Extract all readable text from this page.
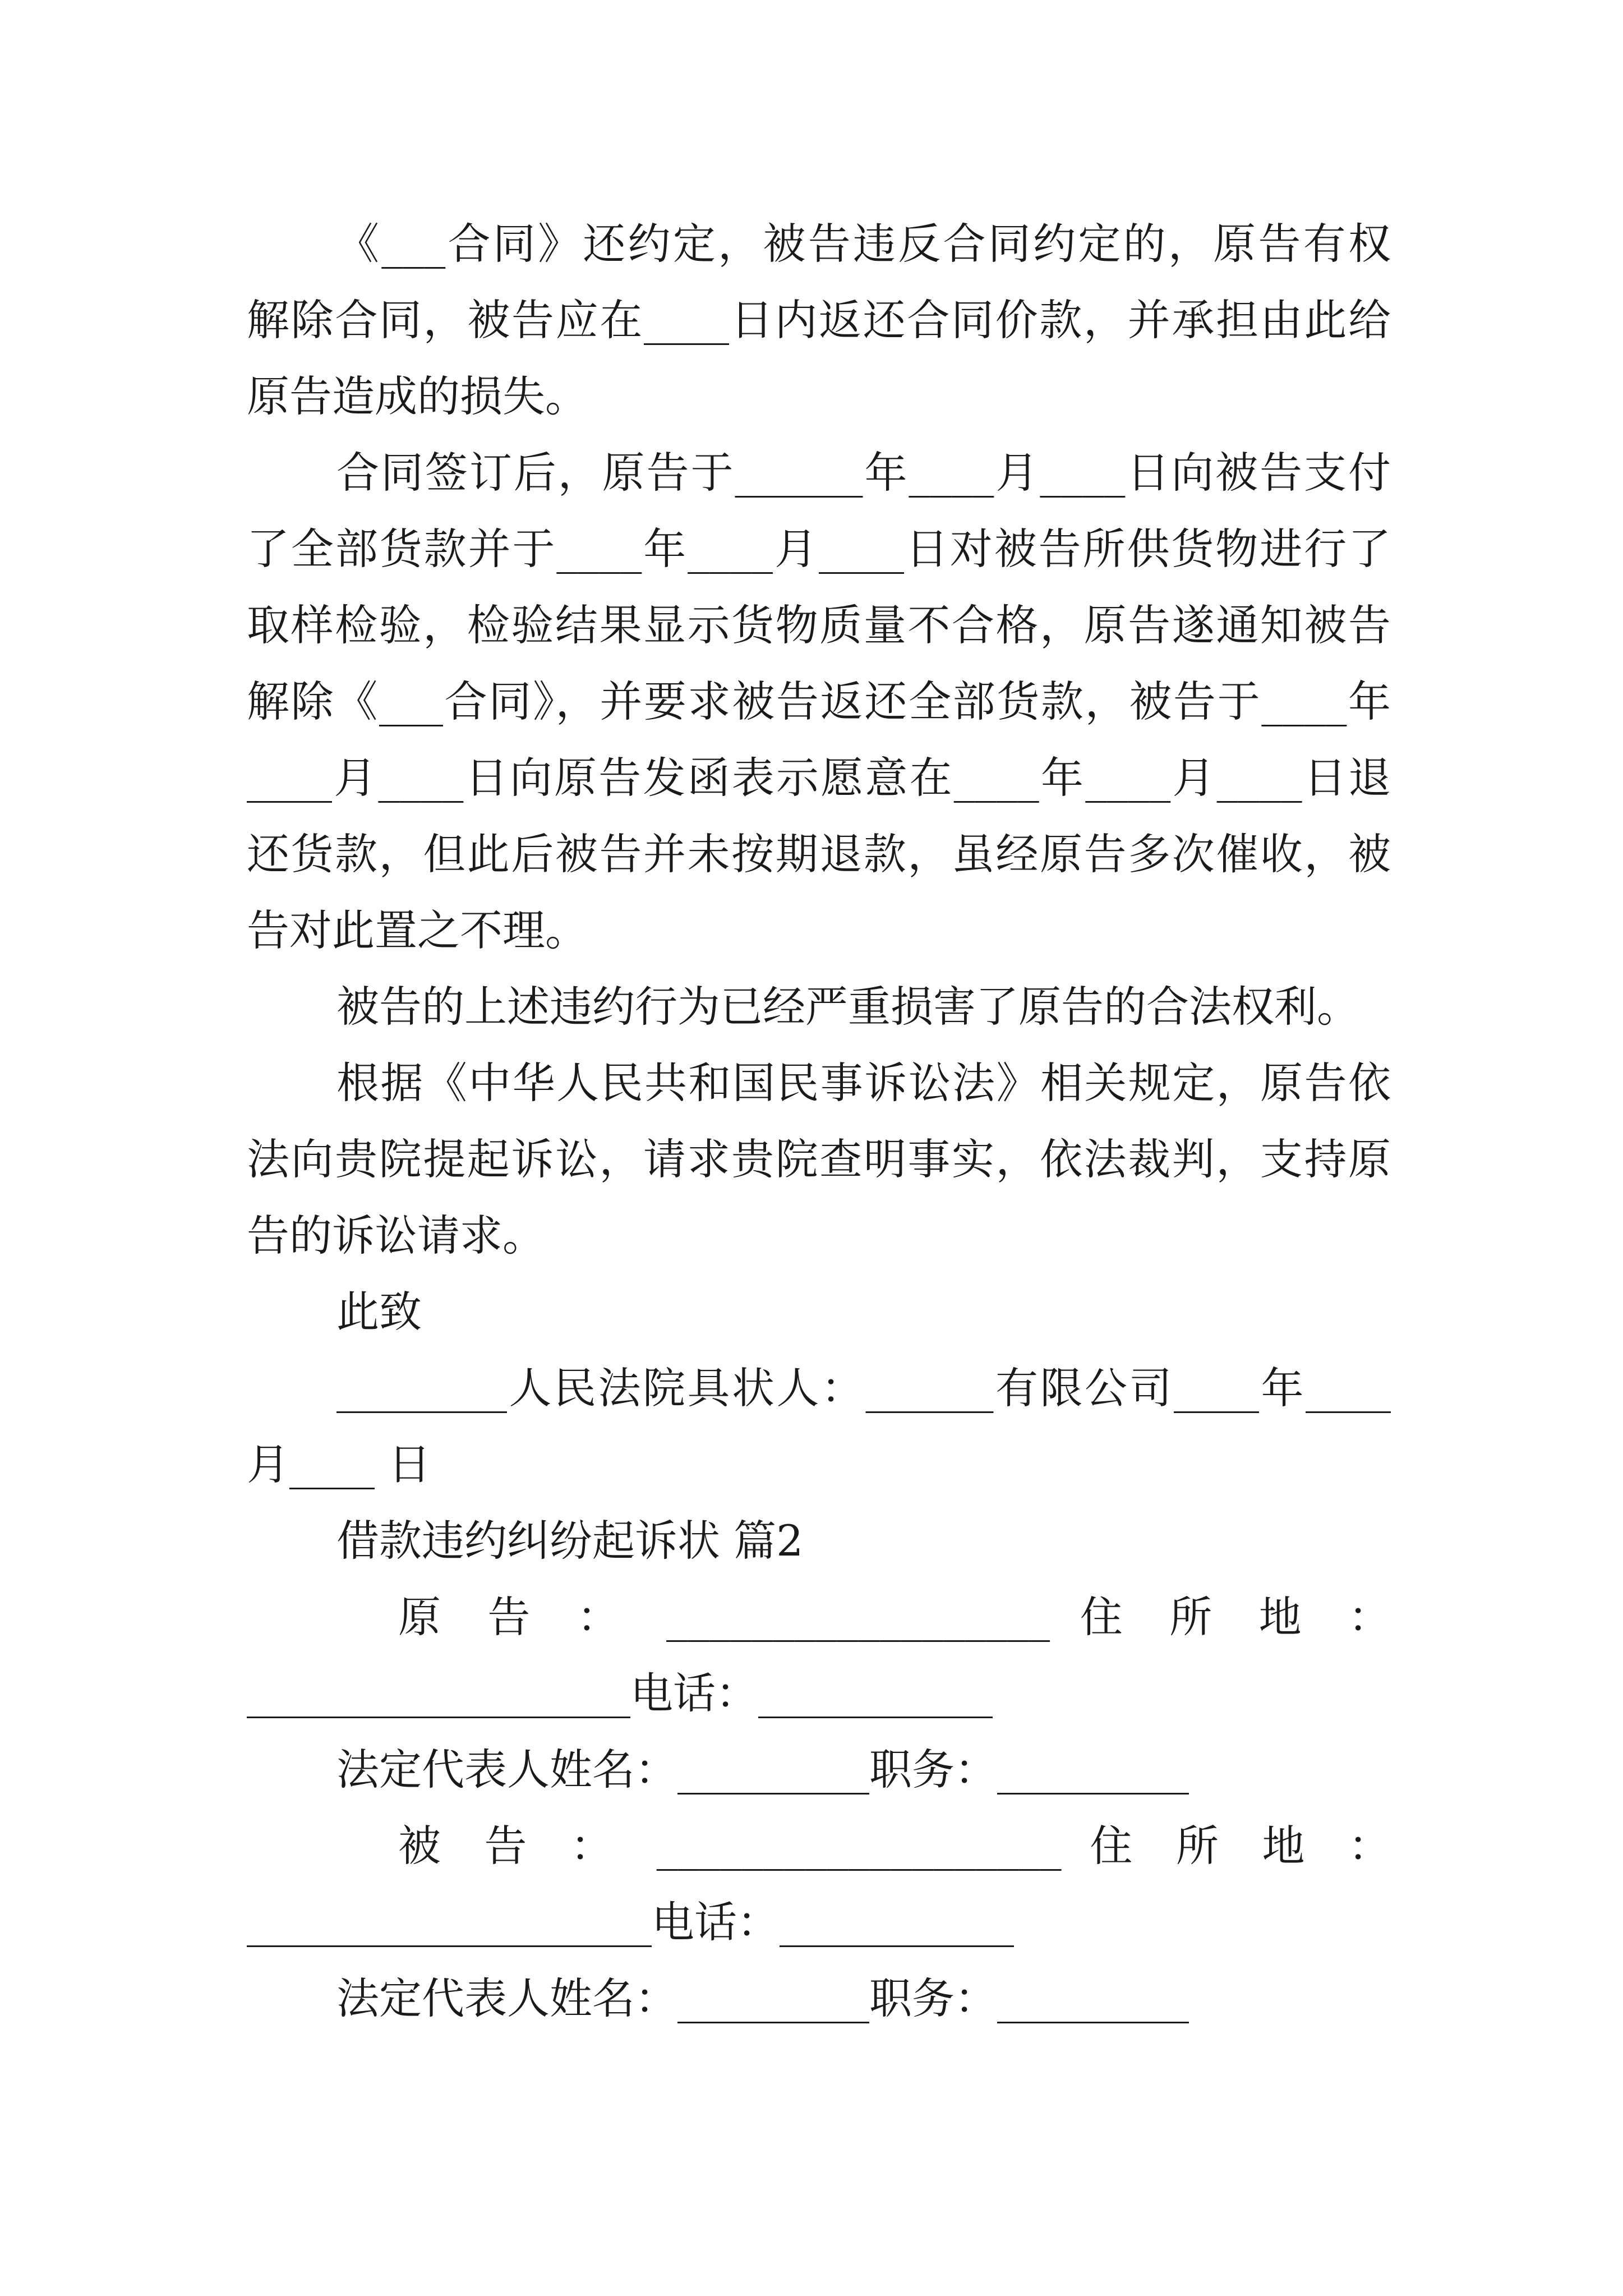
《___合同》还约定，被告违反合同约定的，原告有权
解除合同，被告应在____日内返还合同价款，并承担由此给
原告造成的损失。
合同签订后，原告于______年____月____日向被告支付
了全部货款并于____年____月____日对被告所供货物进行了
取样检验，检验结果显示货物质量不合格，原告遂通知被告
解除《___合同》，并要求被告返还全部货款，被告于____年
____月____日向原告发函表示愿意在____年____月____日退
还货款，但此后被告并未按期退款，虽经原告多次催收，被
告对此置之不理。
被告的上述违约行为已经严重损害了原告的合法权利。
根据《中华人民共和国民事诉讼法》相关规定，原告依
法向贵院提起诉讼，请求贵院查明事实，依法裁判，支持原
告的诉讼请求。
此致
________人民法院具状人：______有限公司____年____
月____ 日
借款违约纠纷起诉状 篇2
原 告 ： __________________ 住 所 地 ：
__________________电话：___________
法定代表人姓名：_________职务：_________
被 告 ： ___________________ 住 所 地 ：
___________________电话：___________
法定代表人姓名：_________职务：_________
